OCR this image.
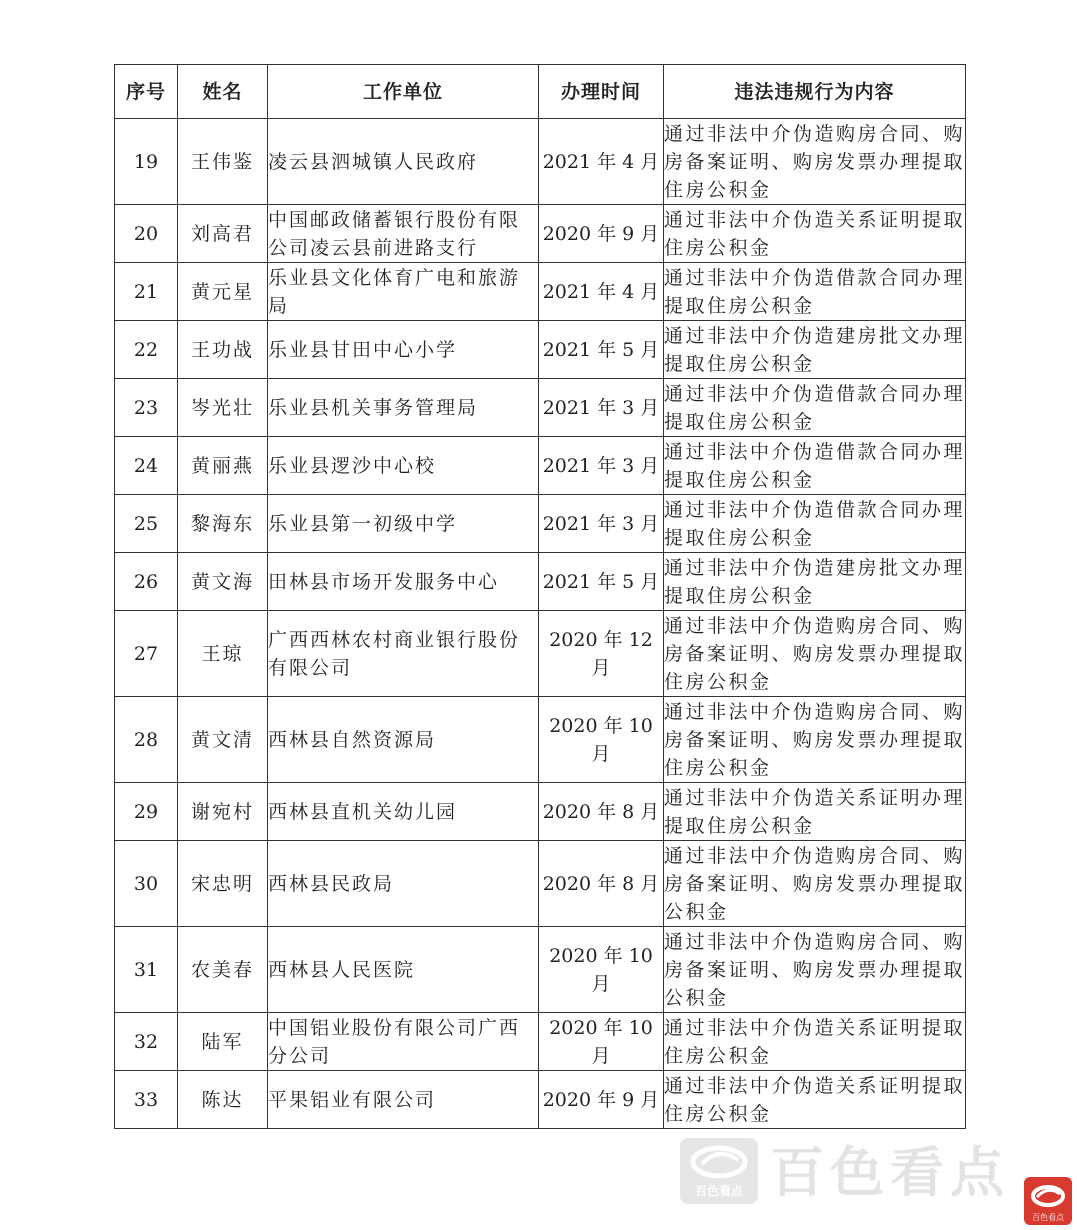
序号	姓名	工作单位	办理时间	违法违规行为内容
19	王伟鉴	凌云县泗城镇人民政府	2021 年 4 月	通过非法中介伪造购房合同、购房备案证明、购房发票办理提取住房公积金
20	刘高君	中国邮政储蓄银行股份有限公司凌云县前进路支行	2020 年 9 月	通过非法中介伪造关系证明提取住房公积金
21	黄元星	乐业县文化体育广电和旅游局	2021 年 4 月	通过非法中介伪造借款合同办理提取住房公积金
22	王功战	乐业县甘田中心小学	2021 年 5 月	通过非法中介伪造建房批文办理提取住房公积金
23	岑光壮	乐业县机关事务管理局	2021 年 3 月	通过非法中介伪造借款合同办理提取住房公积金
24	黄丽燕	乐业县逻沙中心校	2021 年 3 月	通过非法中介伪造借款合同办理提取住房公积金
25	黎海东	乐业县第一初级中学	2021 年 3 月	通过非法中介伪造借款合同办理提取住房公积金
26	黄文海	田林县市场开发服务中心	2021 年 5 月	通过非法中介伪造建房批文办理提取住房公积金
27	王琼	广西西林农村商业银行股份有限公司	2020 年 12 月	通过非法中介伪造购房合同、购房备案证明、购房发票办理提取住房公积金
28	黄文清	西林县自然资源局	2020 年 10 月	通过非法中介伪造购房合同、购房备案证明、购房发票办理提取住房公积金
29	谢宛村	西林县直机关幼儿园	2020 年 8 月	通过非法中介伪造关系证明办理提取住房公积金
30	宋忠明	西林县民政局	2020 年 8 月	通过非法中介伪造购房合同、购房备案证明、购房发票办理提取公积金
31	农美春	西林县人民医院	2020 年 10 月	通过非法中介伪造购房合同、购房备案证明、购房发票办理提取公积金
32	陆军	中国铝业股份有限公司广西分公司	2020 年 10 月	通过非法中介伪造关系证明提取住房公积金
33	陈达	平果铝业有限公司	2020 年 9 月	通过非法中介伪造关系证明提取住房公积金
百色看点 百色看点
百色看点
